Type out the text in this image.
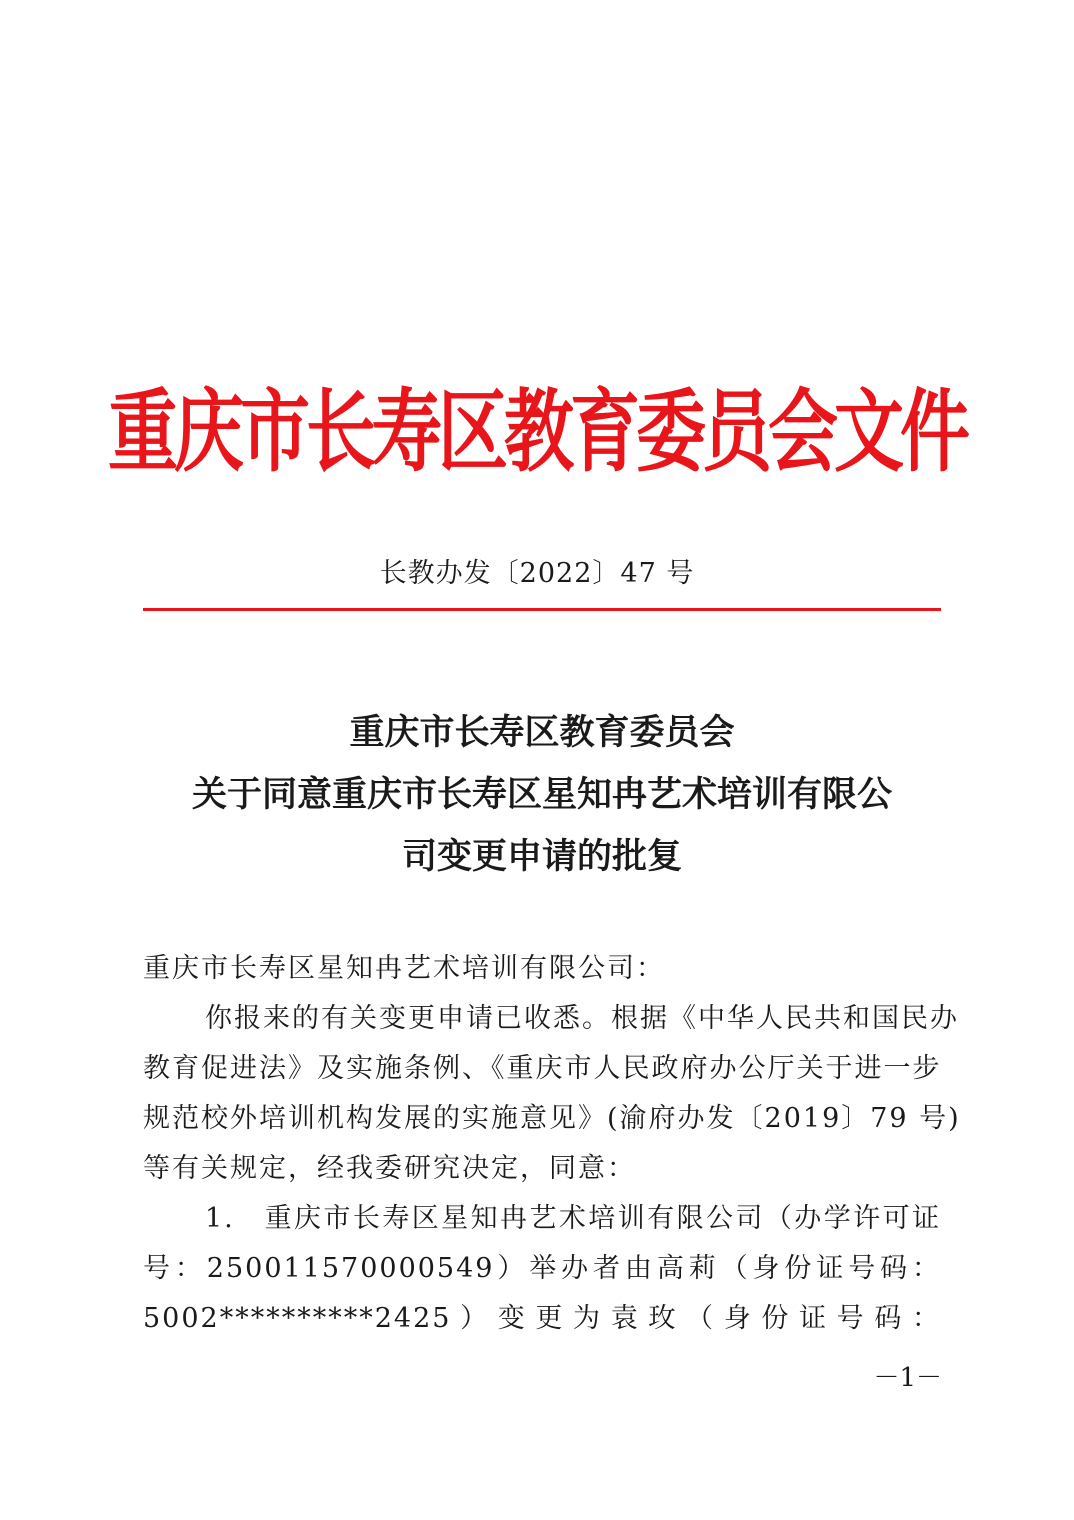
重庆市长寿区教育委员会文件
长教办发〔2022〕47 号
重庆市长寿区教育委员会
关于同意重庆市长寿区星知冉艺术培训有限公
司变更申请的批复
重庆市长寿区星知冉艺术培训有限公司：
你报来的有关变更申请已收悉。根据《中华人民共和国民办
教育促进法》及实施条例、《重庆市人民政府办公厅关于进一步
规范校外培训机构发展的实施意见》(渝府办发〔2019〕79 号)
等有关规定，经我委研究决定，同意：
1.　重庆市长寿区星知冉艺术培训有限公司（办学许可证
号：250011570000549）举办者由高莉（身份证号码：
5002**********2425）变更为袁玫（身份证号码：
－1－
